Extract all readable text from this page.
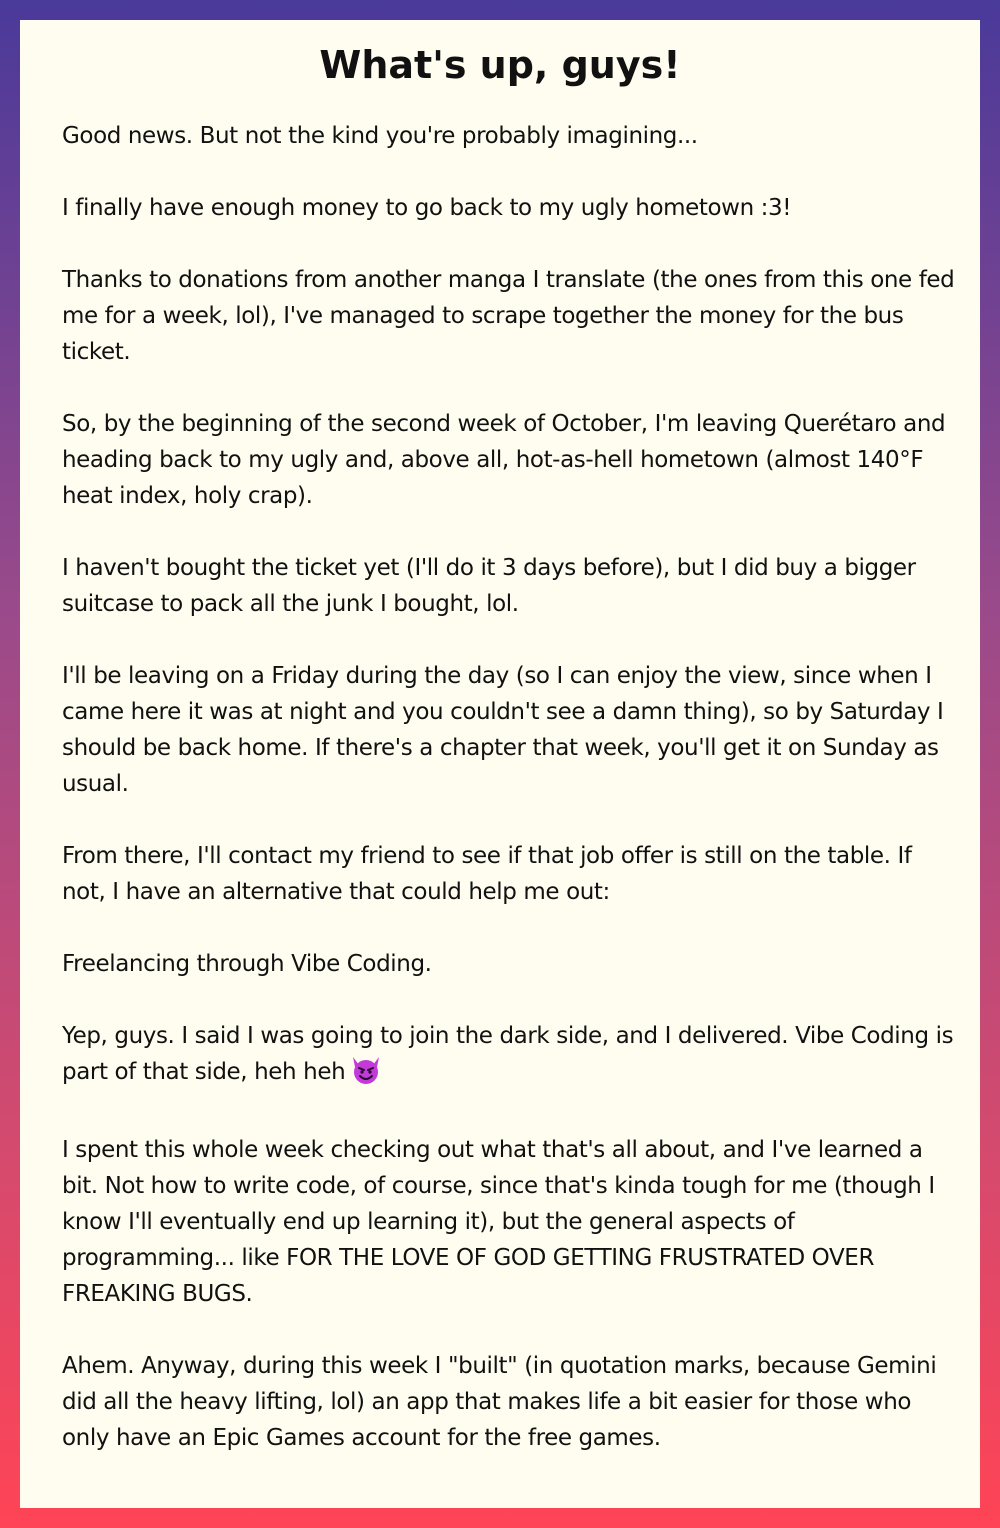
What's up, guys!

Good news. But not the kind you're probably imagining...

I finally have enough money to go back to my ugly hometown :3!

Thanks to donations from another manga I translate (the ones from this one fed me for a week, lol), I've managed to scrape together the money for the bus ticket.

So, by the beginning of the second week of October, I'm leaving Querétaro and heading back to my ugly and, above all, hot-as-hell hometown (almost 140°F heat index, holy crap).

I haven't bought the ticket yet (I'll do it 3 days before), but I did buy a bigger suitcase to pack all the junk I bought, lol.

I'll be leaving on a Friday during the day (so I can enjoy the view, since when I came here it was at night and you couldn't see a damn thing), so by Saturday I should be back home. If there's a chapter that week, you'll get it on Sunday as usual.

From there, I'll contact my friend to see if that job offer is still on the table. If not, I have an alternative that could help me out:

Freelancing through Vibe Coding.

Yep, guys. I said I was going to join the dark side, and I delivered. Vibe Coding is part of that side, heh heh

I spent this whole week checking out what that's all about, and I've learned a bit. Not how to write code, of course, since that's kinda tough for me (though I know I'll eventually end up learning it), but the general aspects of programming... like FOR THE LOVE OF GOD GETTING FRUSTRATED OVER FREAKING BUGS.

Ahem. Anyway, during this week I "built" (in quotation marks, because Gemini did all the heavy lifting, lol) an app that makes life a bit easier for those who only have an Epic Games account for the free games.
